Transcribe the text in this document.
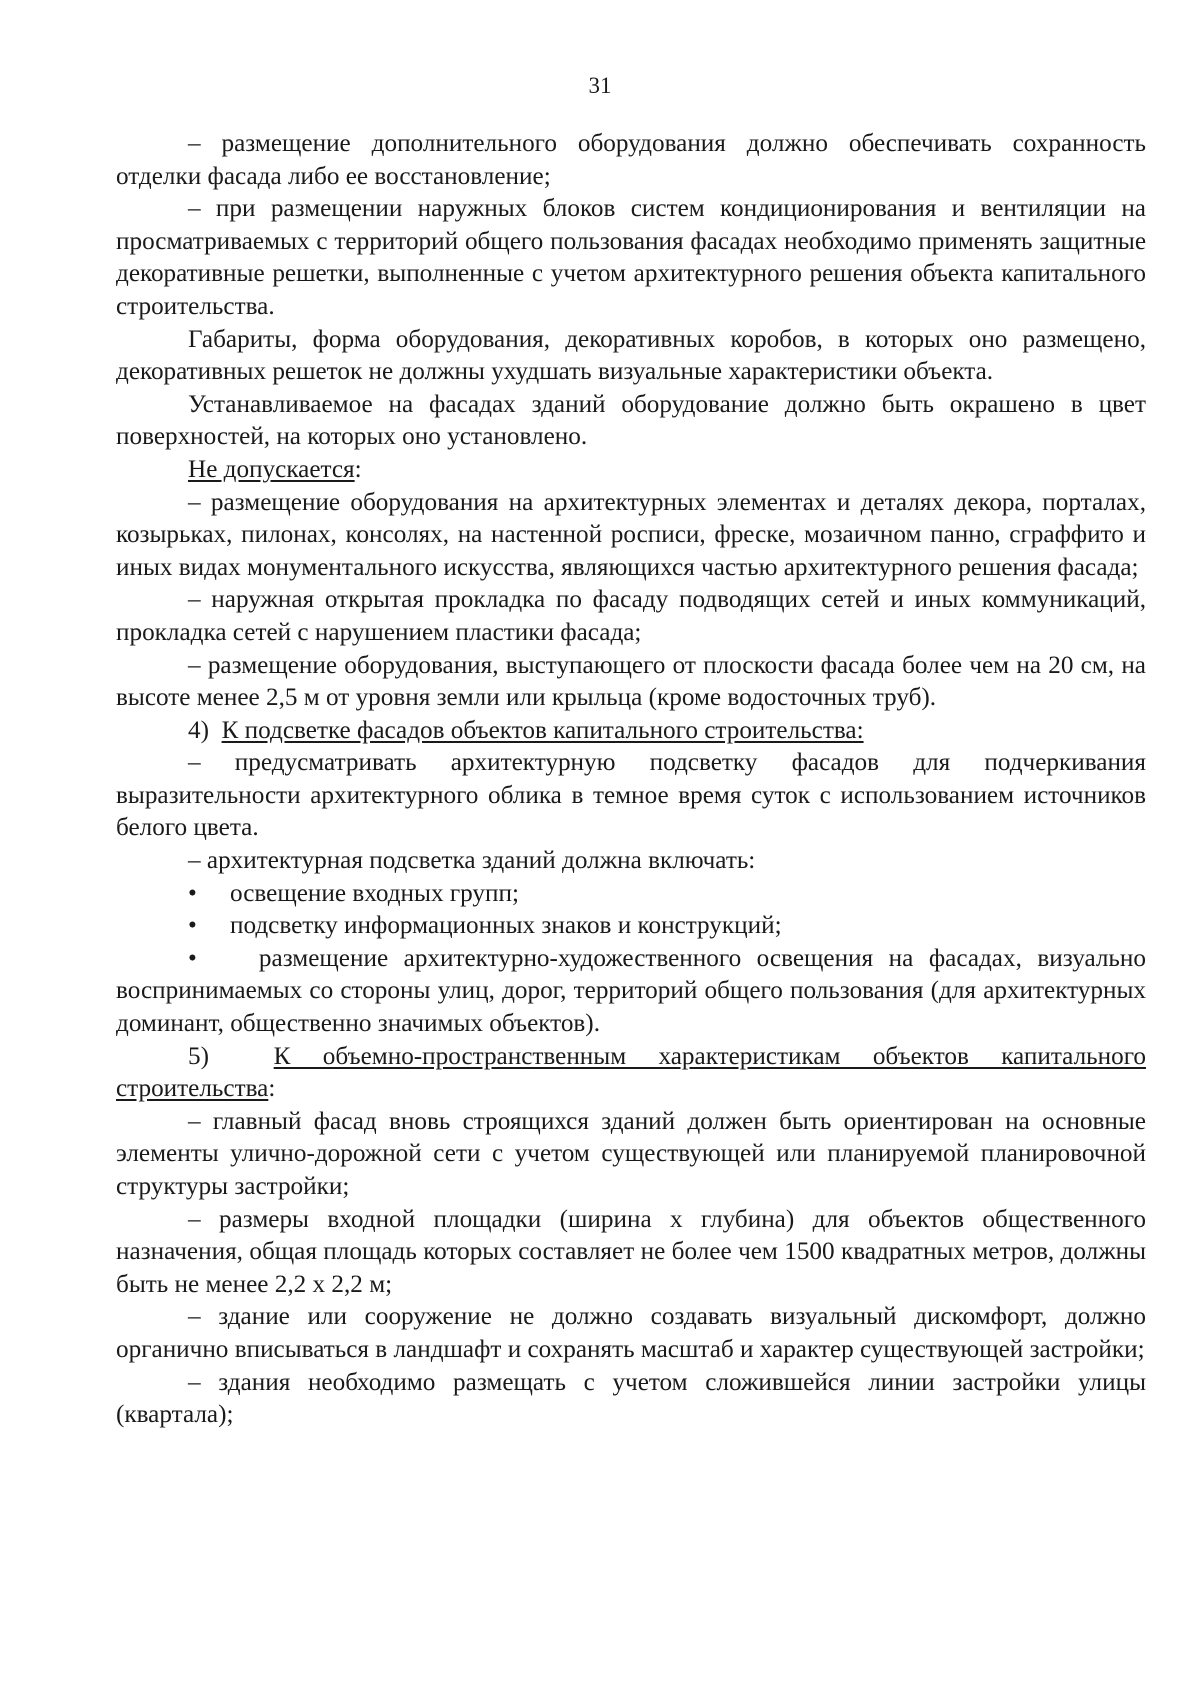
31

– размещение дополнительного оборудования должно обеспечивать сохранность отделки фасада либо ее восстановление;

– при размещении наружных блоков систем кондиционирования и вентиляции на просматриваемых с территорий общего пользования фасадах необходимо применять защитные декоративные решетки, выполненные с учетом архитектурного решения объекта капитального строительства.

Габариты, форма оборудования, декоративных коробов, в которых оно размещено, декоративных решеток не должны ухудшать визуальные характеристики объекта.

Устанавливаемое на фасадах зданий оборудование должно быть окрашено в цвет поверхностей, на которых оно установлено.

Не допускается:

– размещение оборудования на архитектурных элементах и деталях декора, порталах, козырьках, пилонах, консолях, на настенной росписи, фреске, мозаичном панно, сграффито и иных видах монументального искусства, являющихся частью архитектурного решения фасада;

– наружная открытая прокладка по фасаду подводящих сетей и иных коммуникаций, прокладка сетей с нарушением пластики фасада;

– размещение оборудования, выступающего от плоскости фасада более чем на 20 см, на высоте менее 2,5 м от уровня земли или крыльца (кроме водосточных труб).

4) К подсветке фасадов объектов капитального строительства:

– предусматривать архитектурную подсветку фасадов для подчеркивания выразительности архитектурного облика в темное время суток с использованием источников белого цвета.

– архитектурная подсветка зданий должна включать:

•	освещение входных групп;
•	подсветку информационных знаков и конструкций;

• размещение архитектурно-художественного освещения на фасадах, визуально воспринимаемых со стороны улиц, дорог, территорий общего пользования (для архитектурных доминант, общественно значимых объектов).

5)	К объемно-пространственным характеристикам объектов капитального строительства:

– главный фасад вновь строящихся зданий должен быть ориентирован на основные элементы улично-дорожной сети с учетом существующей или планируемой планировочной структуры застройки;

– размеры входной площадки (ширина х глубина) для объектов общественного назначения, общая площадь которых составляет не более чем 1500 квадратных метров, должны быть не менее 2,2 х 2,2 м;

– здание или сооружение не должно создавать визуальный дискомфорт, должно органично вписываться в ландшафт и сохранять масштаб и характер существующей застройки;

– здания необходимо размещать с учетом сложившейся линии застройки улицы (квартала);
